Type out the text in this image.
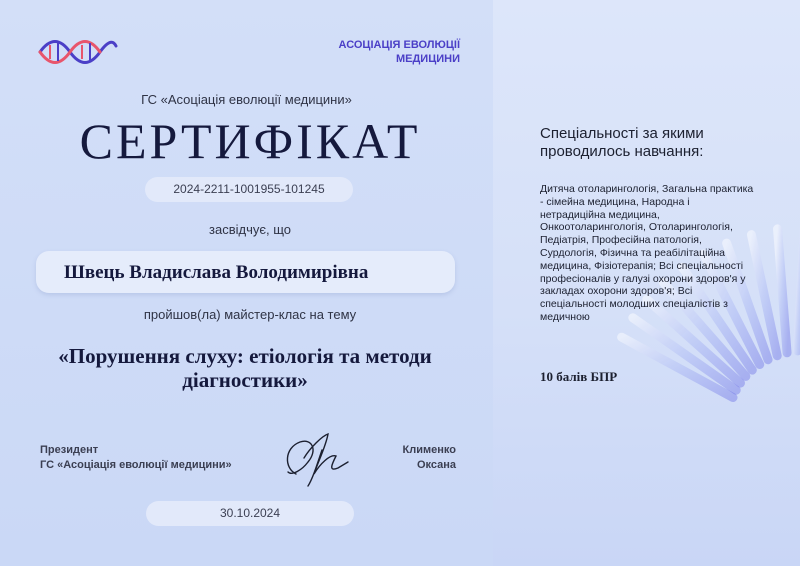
Спеціальності за якими проводилось навчання:
Дитяча отоларингологія, Загальна практика - сімейна медицина, Народна і нетрадиційна медицина, Онкоотоларингологія, Отоларингологія, Педіатрія, Професійна патологія, Сурдологія, Фізична та реабілітаційна медицина, Фізіотерапія; Всі спеціальності професіоналів у галузі охорони здоров'я у закладах охорони здоров'я; Всі спеціальності молодших спеціалістів з медичною
10 балів БПР
АСОЦІАЦІЯ ЕВОЛЮЦІЇ МЕДИЦИНИ
ГС «Асоціація еволюції медицини»
СЕРТИФІКАТ
2024-2211-1001955-101245
засвідчує, що
Швець Владислава Володимирівна
пройшов(ла) майстер-клас на тему
«Порушення слуху: етіологія та методи діагностики»
Президент
ГС «Асоціація еволюції медицини»
Клименко
Оксана
30.10.2024
